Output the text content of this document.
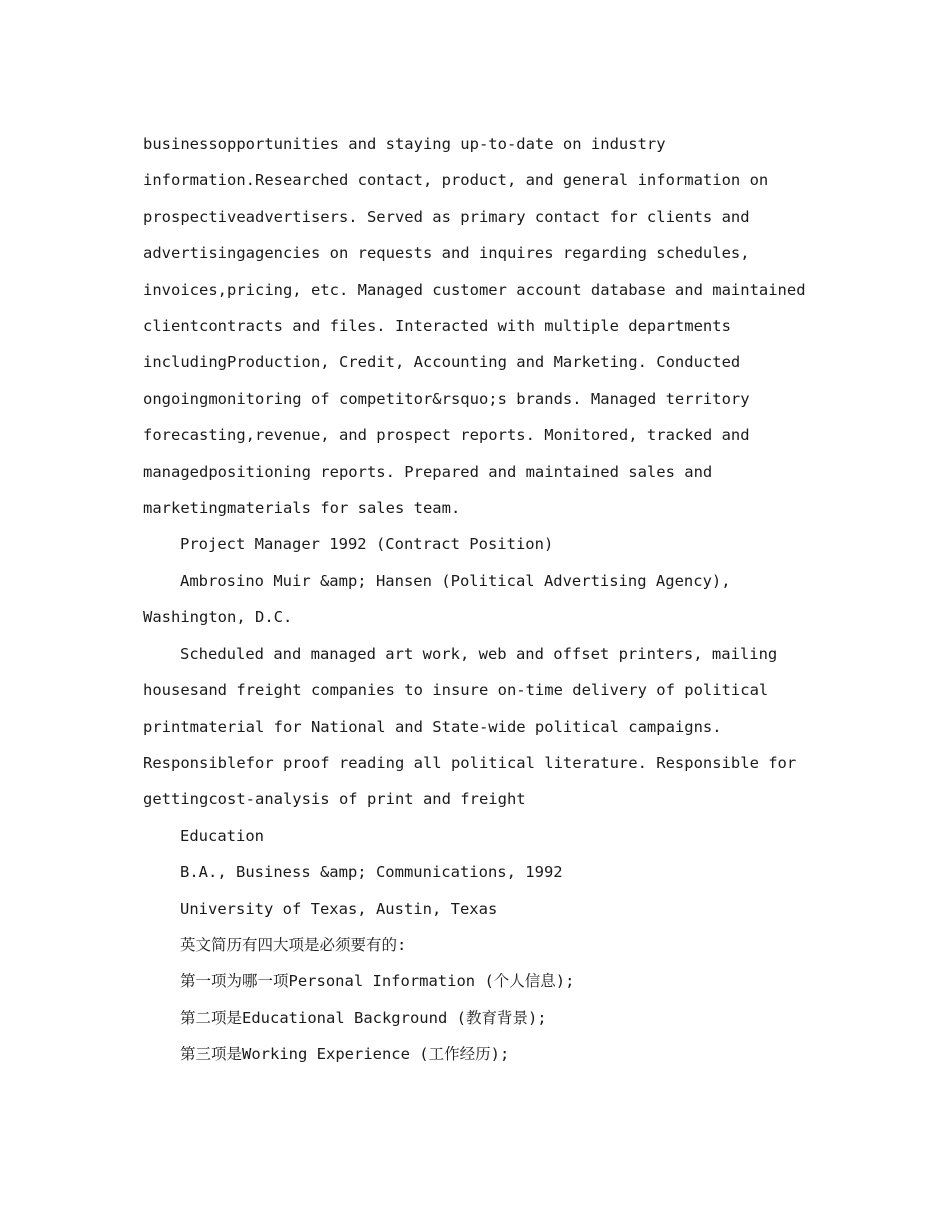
businessopportunities and staying up-to-date on industry
information.Researched contact, product, and general information on
prospectiveadvertisers. Served as primary contact for clients and
advertisingagencies on requests and inquires regarding schedules,
invoices,pricing, etc. Managed customer account database and maintained
clientcontracts and files. Interacted with multiple departments
includingProduction, Credit, Accounting and Marketing. Conducted
ongoingmonitoring of competitor&rsquo;s brands. Managed territory
forecasting,revenue, and prospect reports. Monitored, tracked and
managedpositioning reports. Prepared and maintained sales and
marketingmaterials for sales team.

Project Manager 1992 (Contract Position)

Ambrosino Muir &amp; Hansen (Political Advertising Agency),
Washington, D.C.

Scheduled and managed art work, web and offset printers, mailing
housesand freight companies to insure on-time delivery of political
printmaterial for National and State-wide political campaigns.
Responsiblefor proof reading all political literature. Responsible for
gettingcost-analysis of print and freight

Education

B.A., Business &amp; Communications, 1992

University of Texas, Austin, Texas

英文简历有四大项是必须要有的:

第一项为哪一项Personal Information (个人信息);

第二项是Educational Background (教育背景);

第三项是Working Experience (工作经历);
